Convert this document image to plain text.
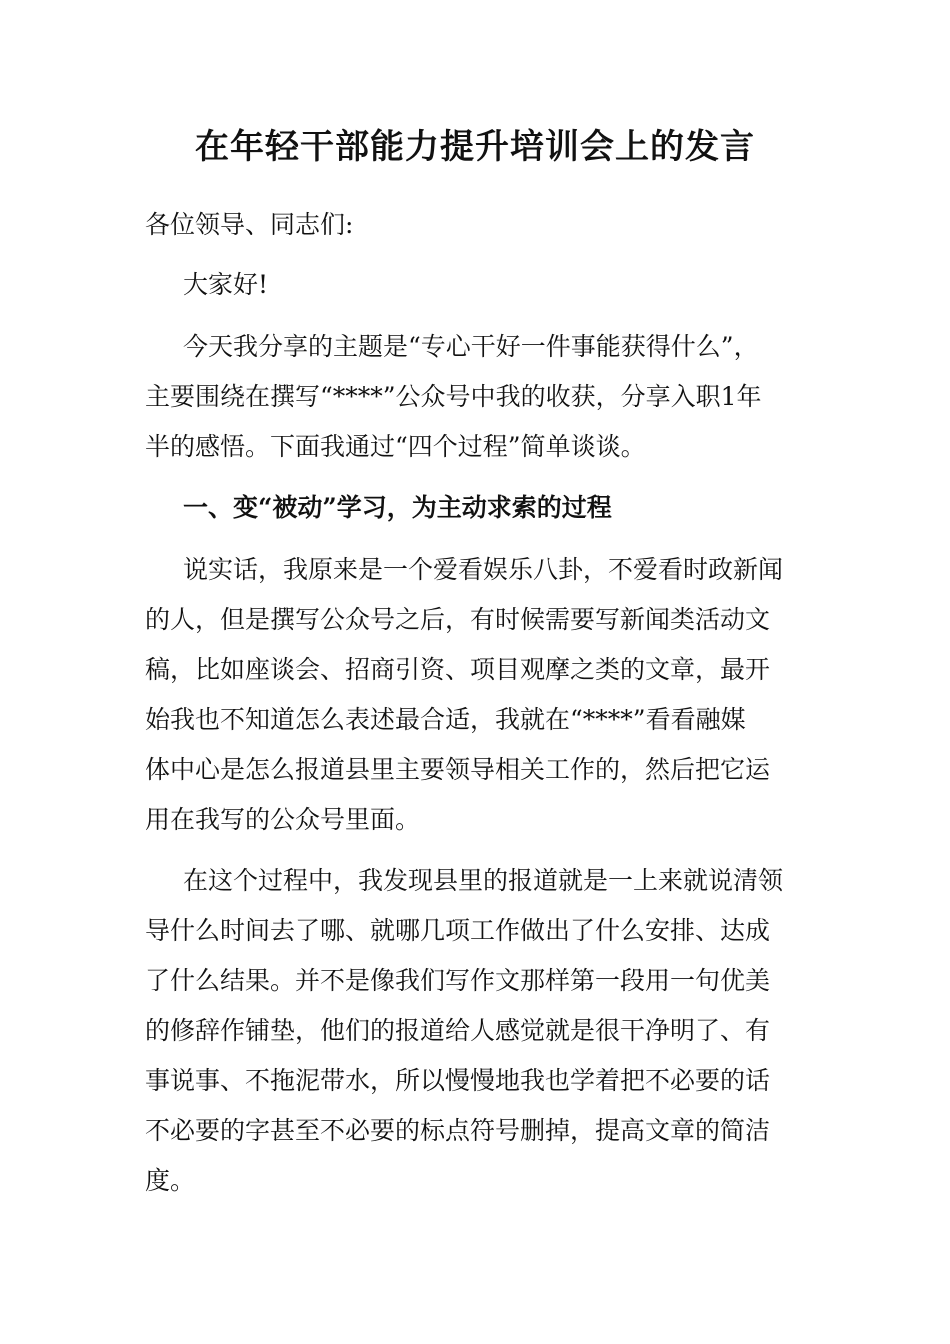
在年轻干部能力提升培训会上的发言
各位领导、同志们:
大家好!
今天我分享的主题是“专心干好一件事能获得什么”，
主要围绕在撰写“****”公众号中我的收获，分享入职1年
半的感悟。下面我通过“四个过程”简单谈谈。
一、变“被动”学习，为主动求索的过程
说实话，我原来是一个爱看娱乐八卦，不爱看时政新闻
的人，但是撰写公众号之后，有时候需要写新闻类活动文
稿，比如座谈会、招商引资、项目观摩之类的文章，最开
始我也不知道怎么表述最合适，我就在“****”看看融媒
体中心是怎么报道县里主要领导相关工作的，然后把它运
用在我写的公众号里面。
在这个过程中，我发现县里的报道就是一上来就说清领
导什么时间去了哪、就哪几项工作做出了什么安排、达成
了什么结果。并不是像我们写作文那样第一段用一句优美
的修辞作铺垫，他们的报道给人感觉就是很干净明了、有
事说事、不拖泥带水，所以慢慢地我也学着把不必要的话
不必要的字甚至不必要的标点符号删掉，提高文章的简洁
度。
